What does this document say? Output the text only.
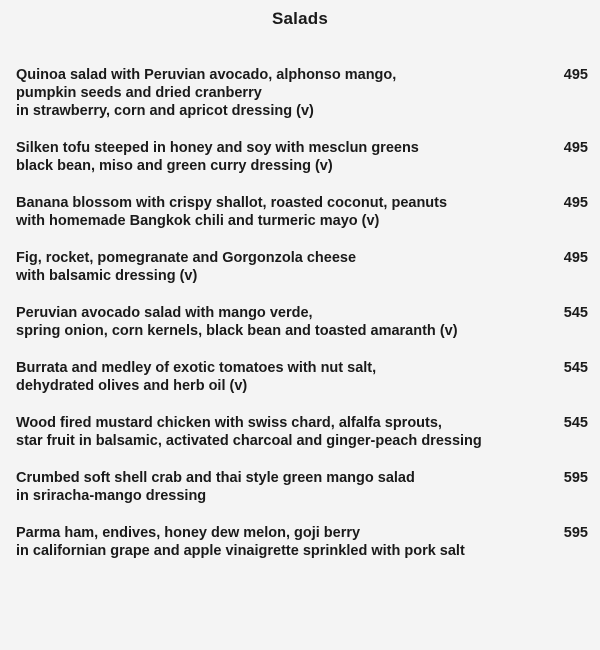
Salads
Quinoa salad with Peruvian avocado, alphonso mango,
pumpkin seeds and dried cranberry
in strawberry, corn and apricot dressing (v)
495
Silken tofu steeped in honey and soy with mesclun greens
black bean, miso and green curry dressing (v)
495
Banana blossom with crispy shallot, roasted coconut, peanuts
with homemade Bangkok chili and turmeric mayo (v)
495
Fig, rocket, pomegranate and Gorgonzola cheese
with balsamic dressing (v)
495
Peruvian avocado salad with mango verde,
spring onion, corn kernels, black bean and toasted amaranth (v)
545
Burrata and medley of exotic tomatoes with nut salt,
dehydrated olives and herb oil (v)
545
Wood fired mustard chicken with swiss chard, alfalfa sprouts,
star fruit in balsamic, activated charcoal and ginger-peach dressing
545
Crumbed soft shell crab and thai style green mango salad
in sriracha-mango dressing
595
Parma ham, endives, honey dew melon, goji berry
in californian grape and apple vinaigrette sprinkled with pork salt
595
